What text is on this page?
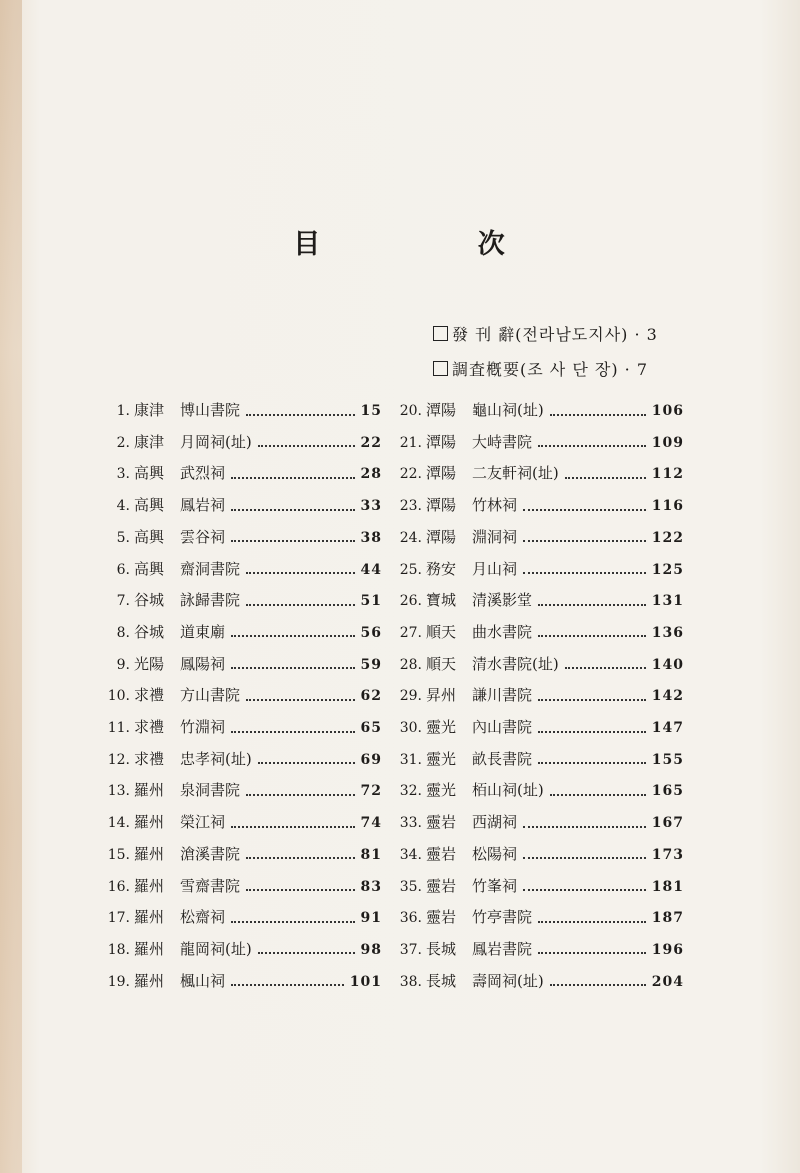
目 次
發 刊 辭(전라남도지사) · 3
調査槪要(조 사 단 장) · 7
1. 康津	博山書院	15
2. 康津	月岡祠(址)	22
3. 高興	武烈祠	28
4. 高興	鳳岩祠	33
5. 高興	雲谷祠	38
6. 高興	齋洞書院	44
7. 谷城	詠歸書院	51
8. 谷城	道東廟	56
9. 光陽	鳳陽祠	59
10. 求禮	方山書院	62
11. 求禮	竹淵祠	65
12. 求禮	忠孝祠(址)	69
13. 羅州	泉洞書院	72
14. 羅州	榮江祠	74
15. 羅州	滄溪書院	81
16. 羅州	雪齋書院	83
17. 羅州	松齋祠	91
18. 羅州	龍岡祠(址)	98
19. 羅州	楓山祠	101
20. 潭陽	龜山祠(址)	106
21. 潭陽	大峙書院	109
22. 潭陽	二友軒祠(址)	112
23. 潭陽	竹林祠	116
24. 潭陽	淵洞祠	122
25. 務安	月山祠	125
26. 寶城	清溪影堂	131
27. 順天	曲水書院	136
28. 順天	清水書院(址)	140
29. 昇州	謙川書院	142
30. 靈光	內山書院	147
31. 靈光	畝長書院	155
32. 靈光	栢山祠(址)	165
33. 靈岩	西湖祠	167
34. 靈岩	松陽祠	173
35. 靈岩	竹峯祠	181
36. 靈岩	竹亭書院	187
37. 長城	鳳岩書院	196
38. 長城	壽岡祠(址)	204
